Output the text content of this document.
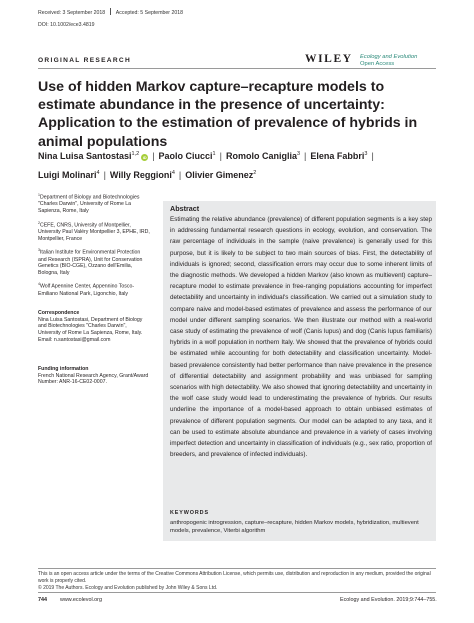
Received: 3 September 2018 Accepted: 5 September 2018
DOI: 10.1002/ece3.4819
ORIGINAL RESEARCH	WILEY Ecology and Evolution
Open Access
Use of hidden Markov capture–recapture models to estimate abundance in the presence of uncertainty: Application to the estimation of prevalence of hybrids in animal populations
Nina Luisa Santostasi$^{1,2}$iD | Paolo Ciucci$^1$ | Romolo Caniglia$^3$ | Elena Fabbri$^3$ |
Luigi Molinari$^4$ | Willy Reggioni$^4$ | Olivier Gimenez$^2$

$^1$Department of Biology and Biotechnologies "Charles Darwin", University of Rome La Sapienza, Rome, Italy

$^2$CEFE, CNRS, University of Montpellier, University Paul Valéry Montpellier 3, EPHE, IRD, Montpellier, France

$^3$Italian Institute for Environmental Protection and Research (ISPRA), Unit for Conservation Genetics (BIO-CGE), Ozzano dell'Emilia, Bologna, Italy

$^4$Wolf Apennine Center, Appennino Tosco-Emiliano National Park, Ligonchio, Italy

Correspondence
Nina Luisa Santostasi, Department of Biology and Biotechnologies "Charles Darwin", University of Rome La Sapienza, Rome, Italy.
Email: n.santostasi@gmail.com
Funding information
French National Research Agency, Grant/Award Number: ANR-16-CE02-0007.
Abstract

Estimating the relative abundance (prevalence) of different population segments is a key step in addressing fundamental research questions in ecology, evolution, and conservation. The raw percentage of individuals in the sample (naive prevalence) is generally used for this purpose, but it is likely to be subject to two main sources of bias. First, the detectability of individuals is ignored; second, classification errors may occur due to some inherent limits of the diagnostic methods. We developed a hidden Markov (also known as multievent) capture–recapture model to estimate prevalence in free-ranging populations accounting for imperfect detectability and uncertainty in individual's classification. We carried out a simulation study to compare naive and model-based estimates of prevalence and assess the performance of our model under different sampling scenarios. We then illustrate our method with a real-world case study of estimating the prevalence of wolf (Canis lupus) and dog (Canis lupus familiaris) hybrids in a wolf population in northern Italy. We showed that the prevalence of hybrids could be estimated while accounting for both detectability and classification uncertainty. Model-based prevalence consistently had better performance than naive prevalence in the presence of differential detectability and assignment probability and was unbiased for sampling scenarios with high detectability. We also showed that ignoring detectability and uncertainty in the wolf case study would lead to underestimating the prevalence of hybrids. Our results underline the importance of a model-based approach to obtain unbiased estimates of prevalence of different population segments. Our model can be adapted to any taxa, and it can be used to estimate absolute abundance and prevalence in a variety of cases involving imperfect detection and uncertainty in classification of individuals (e.g., sex ratio, proportion of breeders, and prevalence of infected individuals).

KEYWORDS

anthropogenic introgression, capture–recapture, hidden Markov models, hybridization, multievent models, prevalence, Viterbi algorithm

This is an open access article under the terms of the Creative Commons Attribution License, which permits use, distribution and reproduction in any medium, provided the original work is properly cited.
© 2019 The Authors. Ecology and Evolution published by John Wiley & Sons Ltd.
744 www.ecolevol.org	Ecology and Evolution. 2019;9:744–755.
